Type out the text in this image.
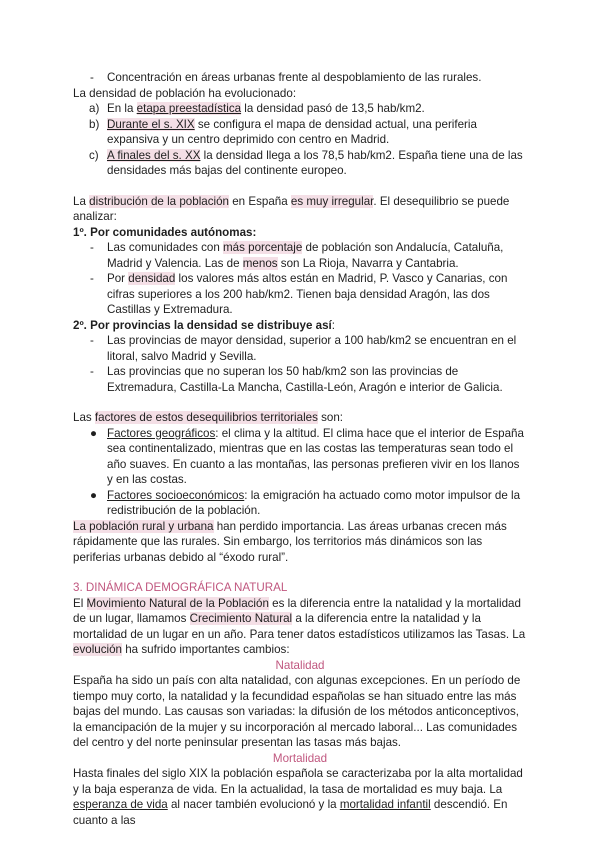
-	Concentración en áreas urbanas frente al despoblamiento de las rurales.

La densidad de población ha evolucionado:

a) En la etapa preestadística la densidad pasó de 13,5 hab/km2.
b) Durante el s. XIX se configura el mapa de densidad actual, una periferia expansiva y un centro deprimido con centro en Madrid.
c) A finales del s. XX la densidad llega a los 78,5 hab/km2. España tiene una de las densidades más bajas del continente europeo.

La distribución de la población en España es muy irregular. El desequilibrio se puede analizar:

1º. Por comunidades autónomas:

-	Las comunidades con más porcentaje de población son Andalucía, Cataluña, Madrid y Valencia. Las de menos son La Rioja, Navarra y Cantabria.
-	Por densidad los valores más altos están en Madrid, P. Vasco y Canarias, con cifras superiores a los 200 hab/km2. Tienen baja densidad Aragón, las dos Castillas y Extremadura.

2º. Por provincias la densidad se distribuye así:

-	Las provincias de mayor densidad, superior a 100 hab/km2 se encuentran en el litoral, salvo Madrid y Sevilla.
-	Las provincias que no superan los 50 hab/km2 son las provincias de Extremadura, Castilla-La Mancha, Castilla-León, Aragón e interior de Galicia.

Las factores de estos desequilibrios territoriales son:

● Factores geográficos: el clima y la altitud. El clima hace que el interior de España sea continentalizado, mientras que en las costas las temperaturas sean todo el año suaves. En cuanto a las montañas, las personas prefieren vivir en los llanos y en las costas.
● Factores socioeconómicos: la emigración ha actuado como motor impulsor de la redistribución de la población.

La población rural y urbana han perdido importancia. Las áreas urbanas crecen más rápidamente que las rurales. Sin embargo, los territorios más dinámicos son las periferias urbanas debido al “éxodo rural”.

3. DINÁMICA DEMOGRÁFICA NATURAL

El Movimiento Natural de la Población es la diferencia entre la natalidad y la mortalidad de un lugar, llamamos Crecimiento Natural a la diferencia entre la natalidad y la mortalidad de un lugar en un año. Para tener datos estadísticos utilizamos las Tasas. La evolución ha sufrido importantes cambios:

Natalidad

España ha sido un país con alta natalidad, con algunas excepciones. En un período de tiempo muy corto, la natalidad y la fecundidad españolas se han situado entre las más bajas del mundo. Las causas son variadas: la difusión de los métodos anticonceptivos, la emancipación de la mujer y su incorporación al mercado laboral... Las comunidades del centro y del norte peninsular presentan las tasas más bajas.

Mortalidad

Hasta finales del siglo XIX la población española se caracterizaba por la alta mortalidad y la baja esperanza de vida. En la actualidad, la tasa de mortalidad es muy baja. La esperanza de vida al nacer también evolucionó y la mortalidad infantil descendió. En cuanto a las
